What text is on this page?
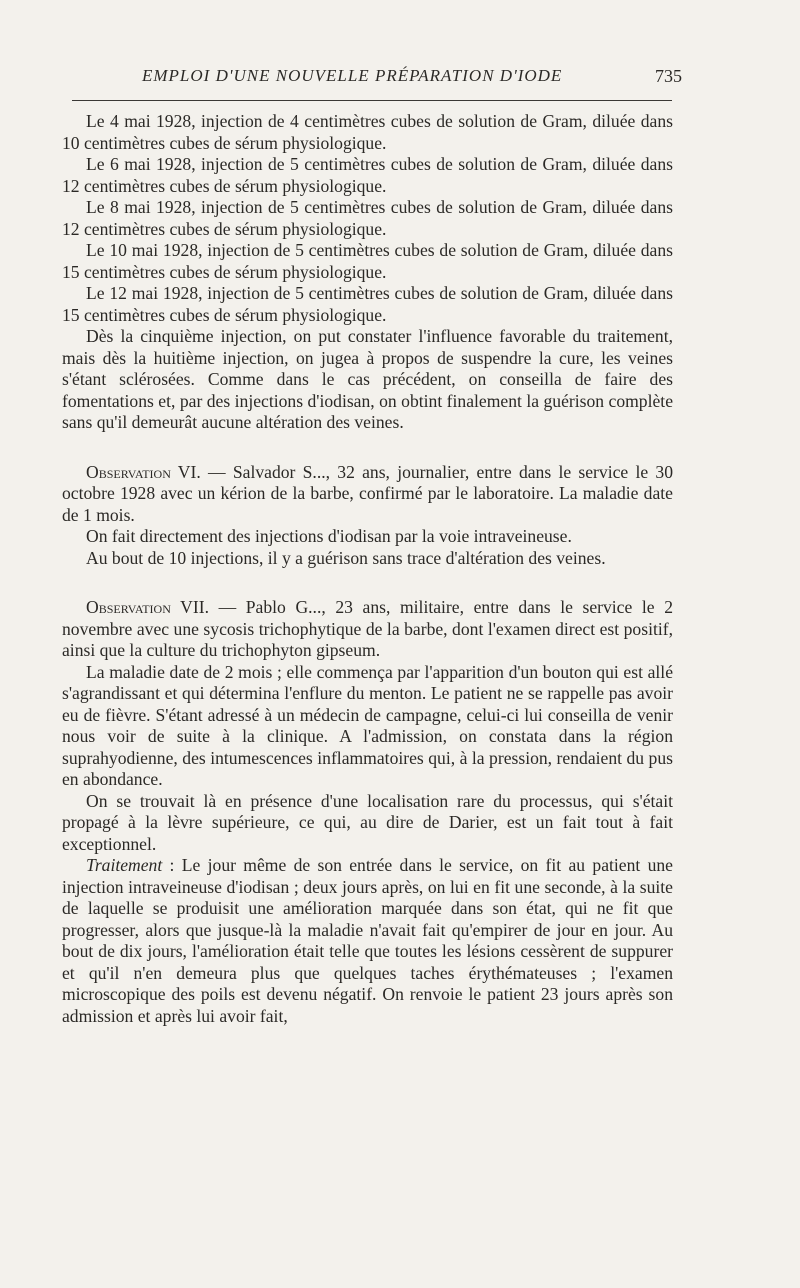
EMPLOI D'UNE NOUVELLE PRÉPARATION D'IODE	735

Le 4 mai 1928, injection de 4 centimètres cubes de solution de Gram, diluée dans 10 centimètres cubes de sérum physiologique.

Le 6 mai 1928, injection de 5 centimètres cubes de solution de Gram, diluée dans 12 centimètres cubes de sérum physiologique.

Le 8 mai 1928, injection de 5 centimètres cubes de solution de Gram, diluée dans 12 centimètres cubes de sérum physiologique.

Le 10 mai 1928, injection de 5 centimètres cubes de solution de Gram, diluée dans 15 centimètres cubes de sérum physiologique.

Le 12 mai 1928, injection de 5 centimètres cubes de solution de Gram, diluée dans 15 centimètres cubes de sérum physiologique.

Dès la cinquième injection, on put constater l'influence favorable du traitement, mais dès la huitième injection, on jugea à propos de suspendre la cure, les veines s'étant sclérosées. Comme dans le cas précédent, on conseilla de faire des fomentations et, par des injections d'iodisan, on obtint finalement la guérison complète sans qu'il demeurât aucune altération des veines.

Observation VI. — Salvador S..., 32 ans, journalier, entre dans le service le 30 octobre 1928 avec un kérion de la barbe, confirmé par le laboratoire. La maladie date de 1 mois.

On fait directement des injections d'iodisan par la voie intraveineuse.

Au bout de 10 injections, il y a guérison sans trace d'altération des veines.

Observation VII. — Pablo G..., 23 ans, militaire, entre dans le service le 2 novembre avec une sycosis trichophytique de la barbe, dont l'examen direct est positif, ainsi que la culture du trichophyton gipseum.

La maladie date de 2 mois ; elle commença par l'apparition d'un bouton qui est allé s'agrandissant et qui détermina l'enflure du menton. Le patient ne se rappelle pas avoir eu de fièvre. S'étant adressé à un médecin de campagne, celui-ci lui conseilla de venir nous voir de suite à la clinique. A l'admission, on constata dans la région suprahyodienne, des intumescences inflammatoires qui, à la pression, rendaient du pus en abondance.

On se trouvait là en présence d'une localisation rare du processus, qui s'était propagé à la lèvre supérieure, ce qui, au dire de Darier, est un fait tout à fait exceptionnel.

Traitement : Le jour même de son entrée dans le service, on fit au patient une injection intraveineuse d'iodisan ; deux jours après, on lui en fit une seconde, à la suite de laquelle se produisit une amélioration marquée dans son état, qui ne fit que progresser, alors que jusque-là la maladie n'avait fait qu'empirer de jour en jour. Au bout de dix jours, l'amélioration était telle que toutes les lésions cessèrent de suppurer et qu'il n'en demeura plus que quelques taches érythémateuses ; l'examen microscopique des poils est devenu négatif. On renvoie le patient 23 jours après son admission et après lui avoir fait,
